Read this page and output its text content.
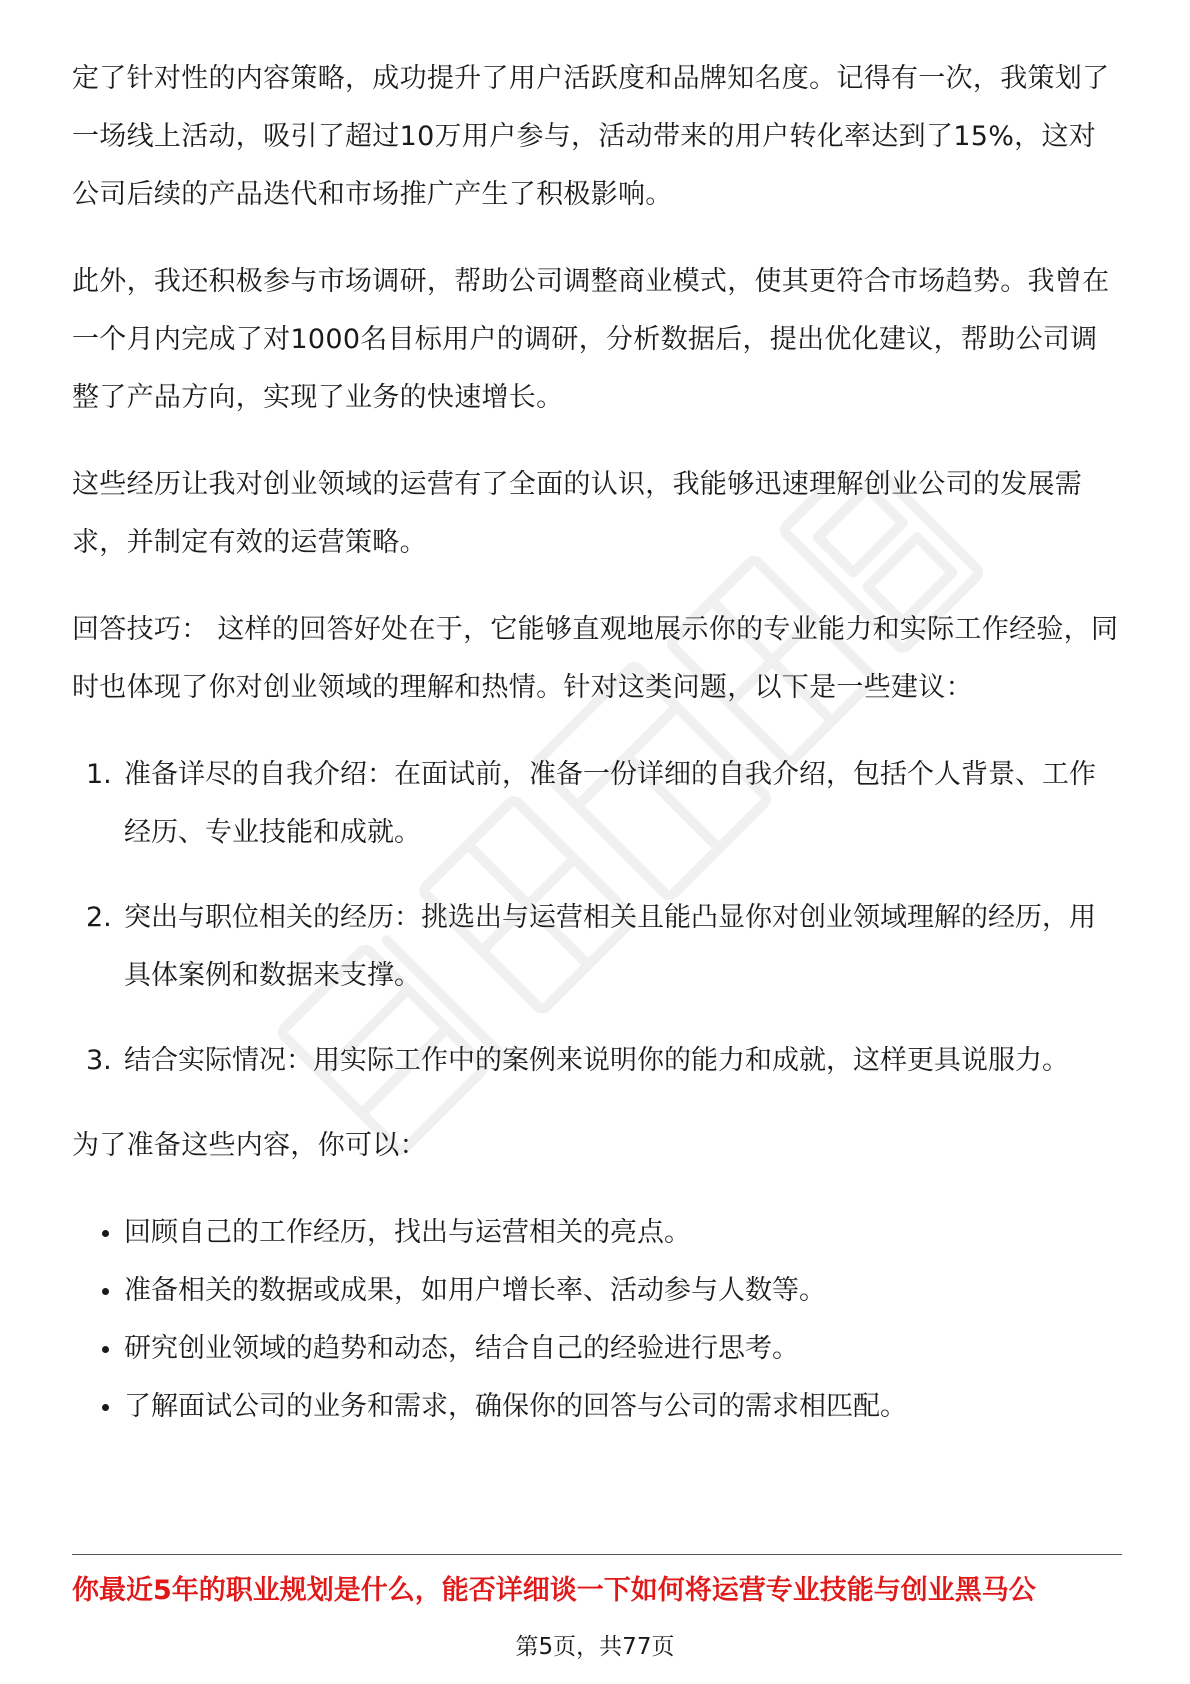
定了针对性的内容策略，成功提升了用户活跃度和品牌知名度。记得有一次，我策划了一场线上活动，吸引了超过10万用户参与，活动带来的用户转化率达到了15%，这对公司后续的产品迭代和市场推广产生了积极影响。

此外，我还积极参与市场调研，帮助公司调整商业模式，使其更符合市场趋势。我曾在一个月内完成了对1000名目标用户的调研，分析数据后，提出优化建议，帮助公司调整了产品方向，实现了业务的快速增长。

这些经历让我对创业领域的运营有了全面的认识，我能够迅速理解创业公司的发展需求，并制定有效的运营策略。

回答技巧： 这样的回答好处在于，它能够直观地展示你的专业能力和实际工作经验，同时也体现了你对创业领域的理解和热情。针对这类问题，以下是一些建议：

1. 准备详尽的自我介绍：在面试前，准备一份详细的自我介绍，包括个人背景、工作经历、专业技能和成就。
2. 突出与职位相关的经历：挑选出与运营相关且能凸显你对创业领域理解的经历，用具体案例和数据来支撑。
3. 结合实际情况：用实际工作中的案例来说明你的能力和成就，这样更具说服力。

为了准备这些内容，你可以：

回顾自己的工作经历，找出与运营相关的亮点。
准备相关的数据或成果，如用户增长率、活动参与人数等。
研究创业领域的趋势和动态，结合自己的经验进行思考。
了解面试公司的业务和需求，确保你的回答与公司的需求相匹配。

你最近5年的职业规划是什么，能否详细谈一下如何将运营专业技能与创业黑马公

第5页，共77页
